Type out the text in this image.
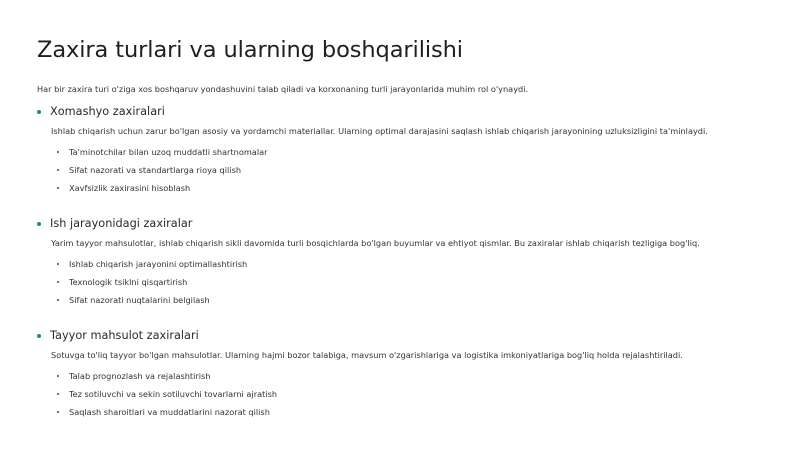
Zaxira turlari va ularning boshqarilishi
Har bir zaxira turi o'ziga xos boshqaruv yondashuvini talab qiladi va korxonaning turli jarayonlarida muhim rol o'ynaydi.
Xomashyo zaxiralari
Ishlab chiqarish uchun zarur bo'lgan asosiy va yordamchi materiallar. Ularning optimal darajasini saqlash ishlab chiqarish jarayonining uzluksizligini ta'minlaydi.
Ta'minotchilar bilan uzoq muddatli shartnomalar
Sifat nazorati va standartlarga rioya qilish
Xavfsizlik zaxirasini hisoblash
Ish jarayonidagi zaxiralar
Yarim tayyor mahsulotlar, ishlab chiqarish sikli davomida turli bosqichlarda bo'lgan buyumlar va ehtiyot qismlar. Bu zaxiralar ishlab chiqarish tezligiga bog'liq.
Ishlab chiqarish jarayonini optimallashtirish
Texnologik tsiklni qisqartirish
Sifat nazorati nuqtalarini belgilash
Tayyor mahsulot zaxiralari
Sotuvga to'liq tayyor bo'lgan mahsulotlar. Ularning hajmi bozor talabiga, mavsum o'zgarishlariga va logistika imkoniyatlariga bog'liq holda rejalashtiriladi.
Talab prognozlash va rejalashtirish
Tez sotiluvchi va sekin sotiluvchi tovarlarni ajratish
Saqlash sharoitlari va muddatlarini nazorat qilish
